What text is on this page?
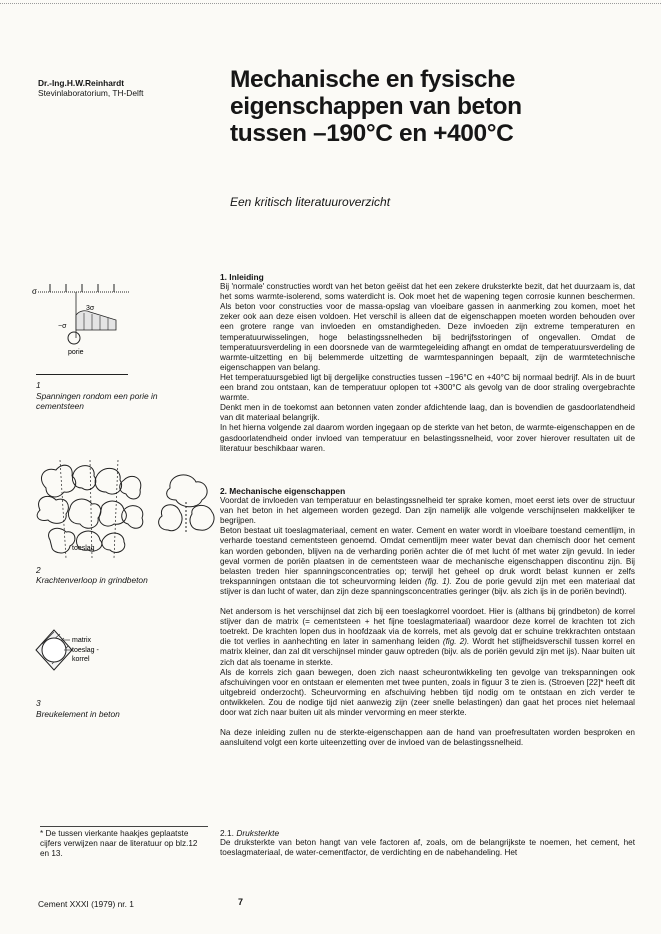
Dr.-Ing.H.W.Reinhardt
Stevinlaboratorium, TH-Delft	Mechanische en fysische
eigenschappen van beton
tussen –190°C en +400°C
Een kritisch literatuuroverzicht
σ
3σ
−σ
porie
1
Spanningen rondom een porie in
cementsteen
toeslag
2
Krachtenverloop in grindbeton
matrix
toeslag -
korrel
3
Breukelement in beton

1. Inleiding

Bij 'normale' constructies wordt van het beton geëist dat het een zekere druksterkte bezit, dat het duurzaam is, dat het soms warmte-isolerend, soms waterdicht is. Ook moet het de wapening tegen corrosie kunnen beschermen. Als beton voor constructies voor de massa-opslag van vloeibare gassen in aanmerking zou komen, moet het zeker ook aan deze eisen voldoen. Het verschil is alleen dat de eigenschappen moeten worden behouden over een grotere range van invloeden en omstandigheden. Deze invloeden zijn extreme temperaturen en temperatuurwisselingen, hoge belastingssnelheden bij bedrijfsstoringen of ongevallen. Omdat de temperatuursverdeling in een doorsnede van de warmtegeleiding afhangt en omdat de temperatuursverdeling de warmte-uitzetting en bij belemmerde uitzetting de warmtespanningen bepaalt, zijn de warmtetechnische eigenschappen van belang.

Het temperatuursgebied ligt bij dergelijke constructies tussen −196°C en +40°C bij normaal bedrijf. Als in de buurt een brand zou ontstaan, kan de temperatuur oplopen tot +300°C als gevolg van de door straling overgebrachte warmte.

Denkt men in de toekomst aan betonnen vaten zonder afdichtende laag, dan is bovendien de gasdoorlatendheid van dit materiaal belangrijk.

In het hierna volgende zal daarom worden ingegaan op de sterkte van het beton, de warmte-eigenschappen en de gasdoorlatendheid onder invloed van temperatuur en belastingssnelheid, voor zover hierover resultaten uit de literatuur beschikbaar waren.

2. Mechanische eigenschappen

Voordat de invloeden van temperatuur en belastingssnelheid ter sprake komen, moet eerst iets over de structuur van het beton in het algemeen worden gezegd. Dan zijn namelijk alle volgende verschijnselen makkelijker te begrijpen.

Beton bestaat uit toeslagmateriaal, cement en water. Cement en water wordt in vloeibare toestand cementlijm, in verharde toestand cementsteen genoemd. Omdat cementlijm meer water bevat dan chemisch door het cement kan worden gebonden, blijven na de verharding poriën achter die óf met lucht óf met water zijn gevuld. In ieder geval vormen de poriën plaatsen in de cementsteen waar de mechanische eigenschappen discontinu zijn. Bij belasten treden hier spanningsconcentraties op; terwijl het geheel op druk wordt belast kunnen er zelfs trekspanningen ontstaan die tot scheurvorming leiden (fig. 1). Zou de porie gevuld zijn met een materiaal dat stijver is dan lucht of water, dan zijn deze spanningsconcentraties geringer (bijv. als zich ijs in de poriën bevindt).

Net andersom is het verschijnsel dat zich bij een toeslagkorrel voordoet. Hier is (althans bij grindbeton) de korrel stijver dan de matrix (= cementsteen + het fijne toeslagmateriaal) waardoor deze korrel de krachten tot zich toetrekt. De krachten lopen dus in hoofdzaak via de korrels, met als gevolg dat er schuine trekkrachten ontstaan die tot verlies in aanhechting en later in samenhang leiden (fig. 2). Wordt het stijfheidsverschil tussen korrel en matrix kleiner, dan zal dit verschijnsel minder gauw optreden (bijv. als de poriën gevuld zijn met ijs). Naar buiten uit zich dat als toename in sterkte.

Als de korrels zich gaan bewegen, doen zich naast scheurontwikkeling ten gevolge van trekspanningen ook afschuivingen voor en ontstaan er elementen met twee punten, zoals in figuur 3 te zien is. (Stroeven [22]* heeft dit uitgebreid onderzocht). Scheurvorming en afschuiving hebben tijd nodig om te ontstaan en zich verder te ontwikkelen. Zou de nodige tijd niet aanwezig zijn (zeer snelle belastingen) dan gaat het proces niet helemaal door wat zich naar buiten uit als minder vervorming en meer sterkte.

Na deze inleiding zullen nu de sterkte-eigenschappen aan de hand van proefresultaten worden besproken en aansluitend volgt een korte uiteenzetting over de invloed van de belastingssnelheid.

2.1. Druksterkte

De druksterkte van beton hangt van vele factoren af, zoals, om de belangrijkste te noemen, het cement, het toeslagmateriaal, de water-cementfactor, de verdichting en de nabehandeling. Het

* De tussen vierkante haakjes geplaatste cijfers verwijzen naar de literatuur op blz.12 en 13.
Cement XXXI (1979) nr. 1	7
